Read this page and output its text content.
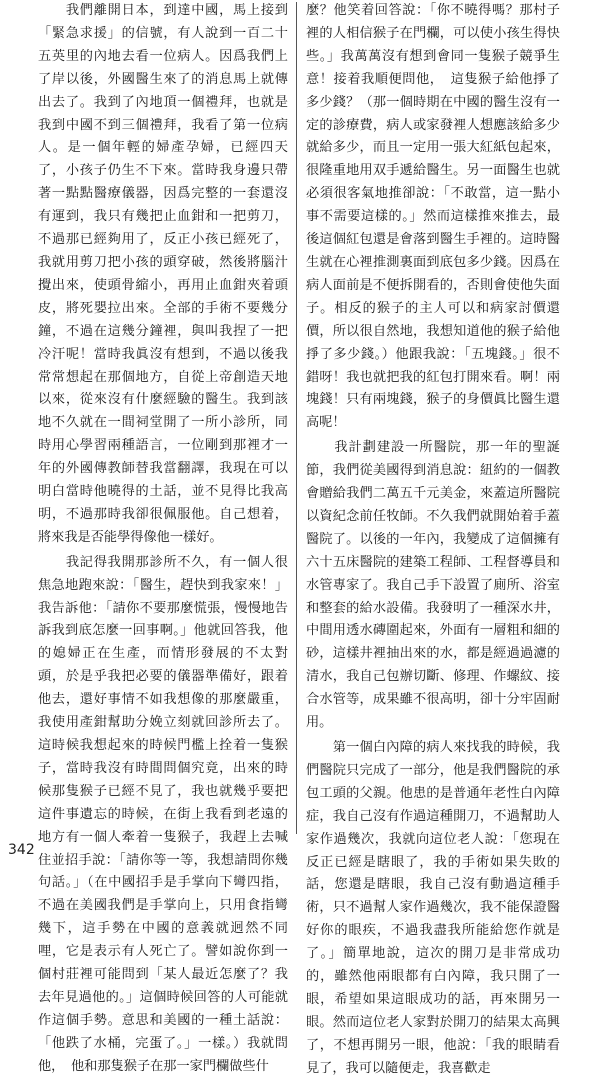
　　我們離開日本，到達中國，馬上接到「緊急求援」的信號，有人說到一百二十五英里的內地去看一位病人。因爲我們上了岸以後，外國醫生來了的消息馬上就傳出去了。我到了內地頂一個禮拜，也就是我到中國不到三個禮拜，我看了第一位病人。是一個年輕的婦產孕婦，已經四天了，小孩子仍生不下來。當時我身邊只帶著一點點醫療儀器，因爲完整的一套還沒有運到，我只有幾把止血鉗和一把剪刀，不過那已經夠用了，反正小孩已經死了，我就用剪刀把小孩的頭穿破，然後將腦汁攪出來，使頭骨縮小，再用止血鉗夾着頭皮，將死嬰拉出來。全部的手術不要幾分鐘，不過在這幾分鐘裡，與叫我捏了一把冷汗呢！當時我眞沒有想到，不過以後我常常想起在那個地方，自從上帝創造天地以來，從來沒有什麼經驗的醫生。我到該地不久就在一間祠堂開了一所小診所，同時用心學習兩種語言，一位剛到那裡才一年的外國傳教師替我當翻譯，我現在可以明白當時他曉得的土話，並不見得比我高明，不過那時我卻很佩服他。自己想着，將來我是否能學得像他一樣好。

　　我記得我開那診所不久，有一個人很焦急地跑來說：「醫生，趕快到我家來！」我告訴他：「請你不要那麼慌張，慢慢地告訴我到底怎麼一回事啊。」他就回答我，他的媳婦正在生產，而情形發展的不太對頭，於是乎我把必要的儀器準備好，跟着他去，還好事情不如我想像的那麼嚴重，我使用產鉗幫助分娩立刻就回診所去了。這時候我想起來的時候門檻上拴着一隻猴子，當時我沒有時間問個究竟，出來的時候那隻猴子已經不見了，我也就幾乎要把這件事遺忘的時候，在街上我看到老遠的地方有一個人牽着一隻猴子，我趕上去喊住並招手說：「請你等一等，我想請問你幾句話。」（在中國招手是手掌向下彎四指，不過在美國我們是手掌向上，只用食指彎幾下，這手勢在中國的意義就迥然不同哩，它是表示有人死亡了。譬如說你到一個村莊裡可能問到「某人最近怎麼了？我去年見過他的。」這個時候回答的人可能就作這個手勢。意思和美國的一種土話說：「他跌了水桶，完蛋了。」一樣。）我就問他，　他和那隻猴子在那一家門欄做些什

麼？他笑着回答說：「你不曉得嗎？那村子裡的人相信猴子在門欄，可以使小孩生得快些。」我萬萬沒有想到會同一隻猴子競爭生意！接着我順便問他，　這隻猴子給他掙了多少錢？（那一個時期在中國的醫生沒有一定的診療費，病人或家發裡人想應該給多少就給多少，而且一定用一張大紅紙包起來，很隆重地用双手遞給醫生。另一面醫生也就必須很客氣地推卻說：「不敢當，這一點小事不需要這樣的。」然而這樣推來推去，最後這個紅包還是會落到醫生手裡的。這時醫生就在心裡推測裏面到底包多少錢。因爲在病人面前是不便拆開看的，否則會使他失面子。相反的猴子的主人可以和病家討價還價，所以很自然地，我想知道他的猴子給他掙了多少錢。）他跟我說：「五塊錢。」很不錯呀！我也就把我的紅包打開來看。啊！兩塊錢！只有兩塊錢，猴子的身價眞比醫生還高呢！

　　我計劃建設一所醫院，那一年的聖誕節，我們從美國得到消息說：紐約的一個教會贈給我們二萬五千元美金，來蓋這所醫院以資紀念前任牧師。不久我們就開始着手蓋醫院了。以後的一年內，我變成了這個擁有六十五床醫院的建築工程師、工程督導員和水管專家了。我自己手下設置了廁所、浴室和整套的給水設備。我發明了一種深水井，中間用透水磚圍起來，外面有一層粗和細的砂，這樣井裡抽出來的水，都是經過過濾的清水，我自己包辦切斷、修理、作螺紋、接合水管等，成果雖不很高明，卻十分牢固耐用。

　　第一個白內障的病人來找我的時候，我們醫院只完成了一部分，他是我們醫院的承包工頭的父親。他患的是普通年老性白內障症，我自己沒有作過這種開刀，不過幫助人家作過幾次，我就向這位老人說：「您現在反正已經是瞎眼了，我的手術如果失敗的話，您還是瞎眼，我自己沒有動過這種手術，只不過幫人家作過幾次，我不能保證醫好你的眼疾，不過我盡我所能給您作就是了。」簡單地說，這次的開刀是非常成功的，雖然他兩眼都有白內障，我只開了一眼，希望如果這眼成功的話，再來開另一眼。然而這位老人家對於開刀的結果太高興了，不想再開另一眼，他說：「我的眼睛看見了，我可以隨便走，我喜歡走

342
